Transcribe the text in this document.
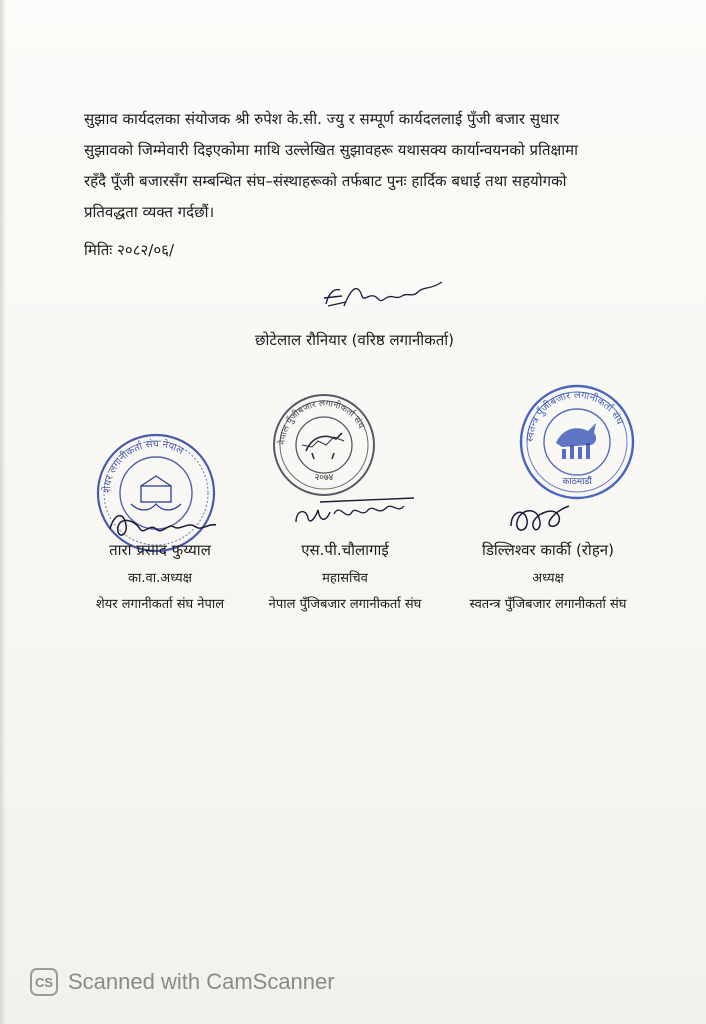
सुझाव कार्यदलका संयोजक श्री रुपेश के.सी. ज्यु र सम्पूर्ण कार्यदललाई पुँजी बजार सुधार
सुझावको जिम्मेवारी दिइएकोमा माथि उल्लेखित सुझावहरू यथासक्य कार्यान्वयनको प्रतिक्षामा
रहँदै पूँजी बजारसँग सम्बन्धित संघ–संस्थाहरूको तर्फबाट पुनः हार्दिक बधाई तथा सहयोगको
प्रतिवद्धता व्यक्त गर्दछौं।
मितिः २०८२/०६/
छोटेलाल रौनियार (वरिष्ठ लगानीकर्ता)
शेयर लगानीकर्ता संघ नेपाल
नेपाल पुँजीबजार लगानीकर्ता संघ
२०७४
स्वतन्त्र पुँजीबजार लगानीकर्ता संघ
काठमाडौं
तारा प्रसाद फुय्याल
का.वा.अध्यक्ष
शेयर लगानीकर्ता संघ नेपाल
एस.पी.चौलागाई
महासचिव
नेपाल पुँजिबजार लगानीकर्ता संघ
डिल्लिश्वर कार्की (रोहन)
अध्यक्ष
स्वतन्त्र पुँजिबजार लगानीकर्ता संघ
CS Scanned with CamScanner
